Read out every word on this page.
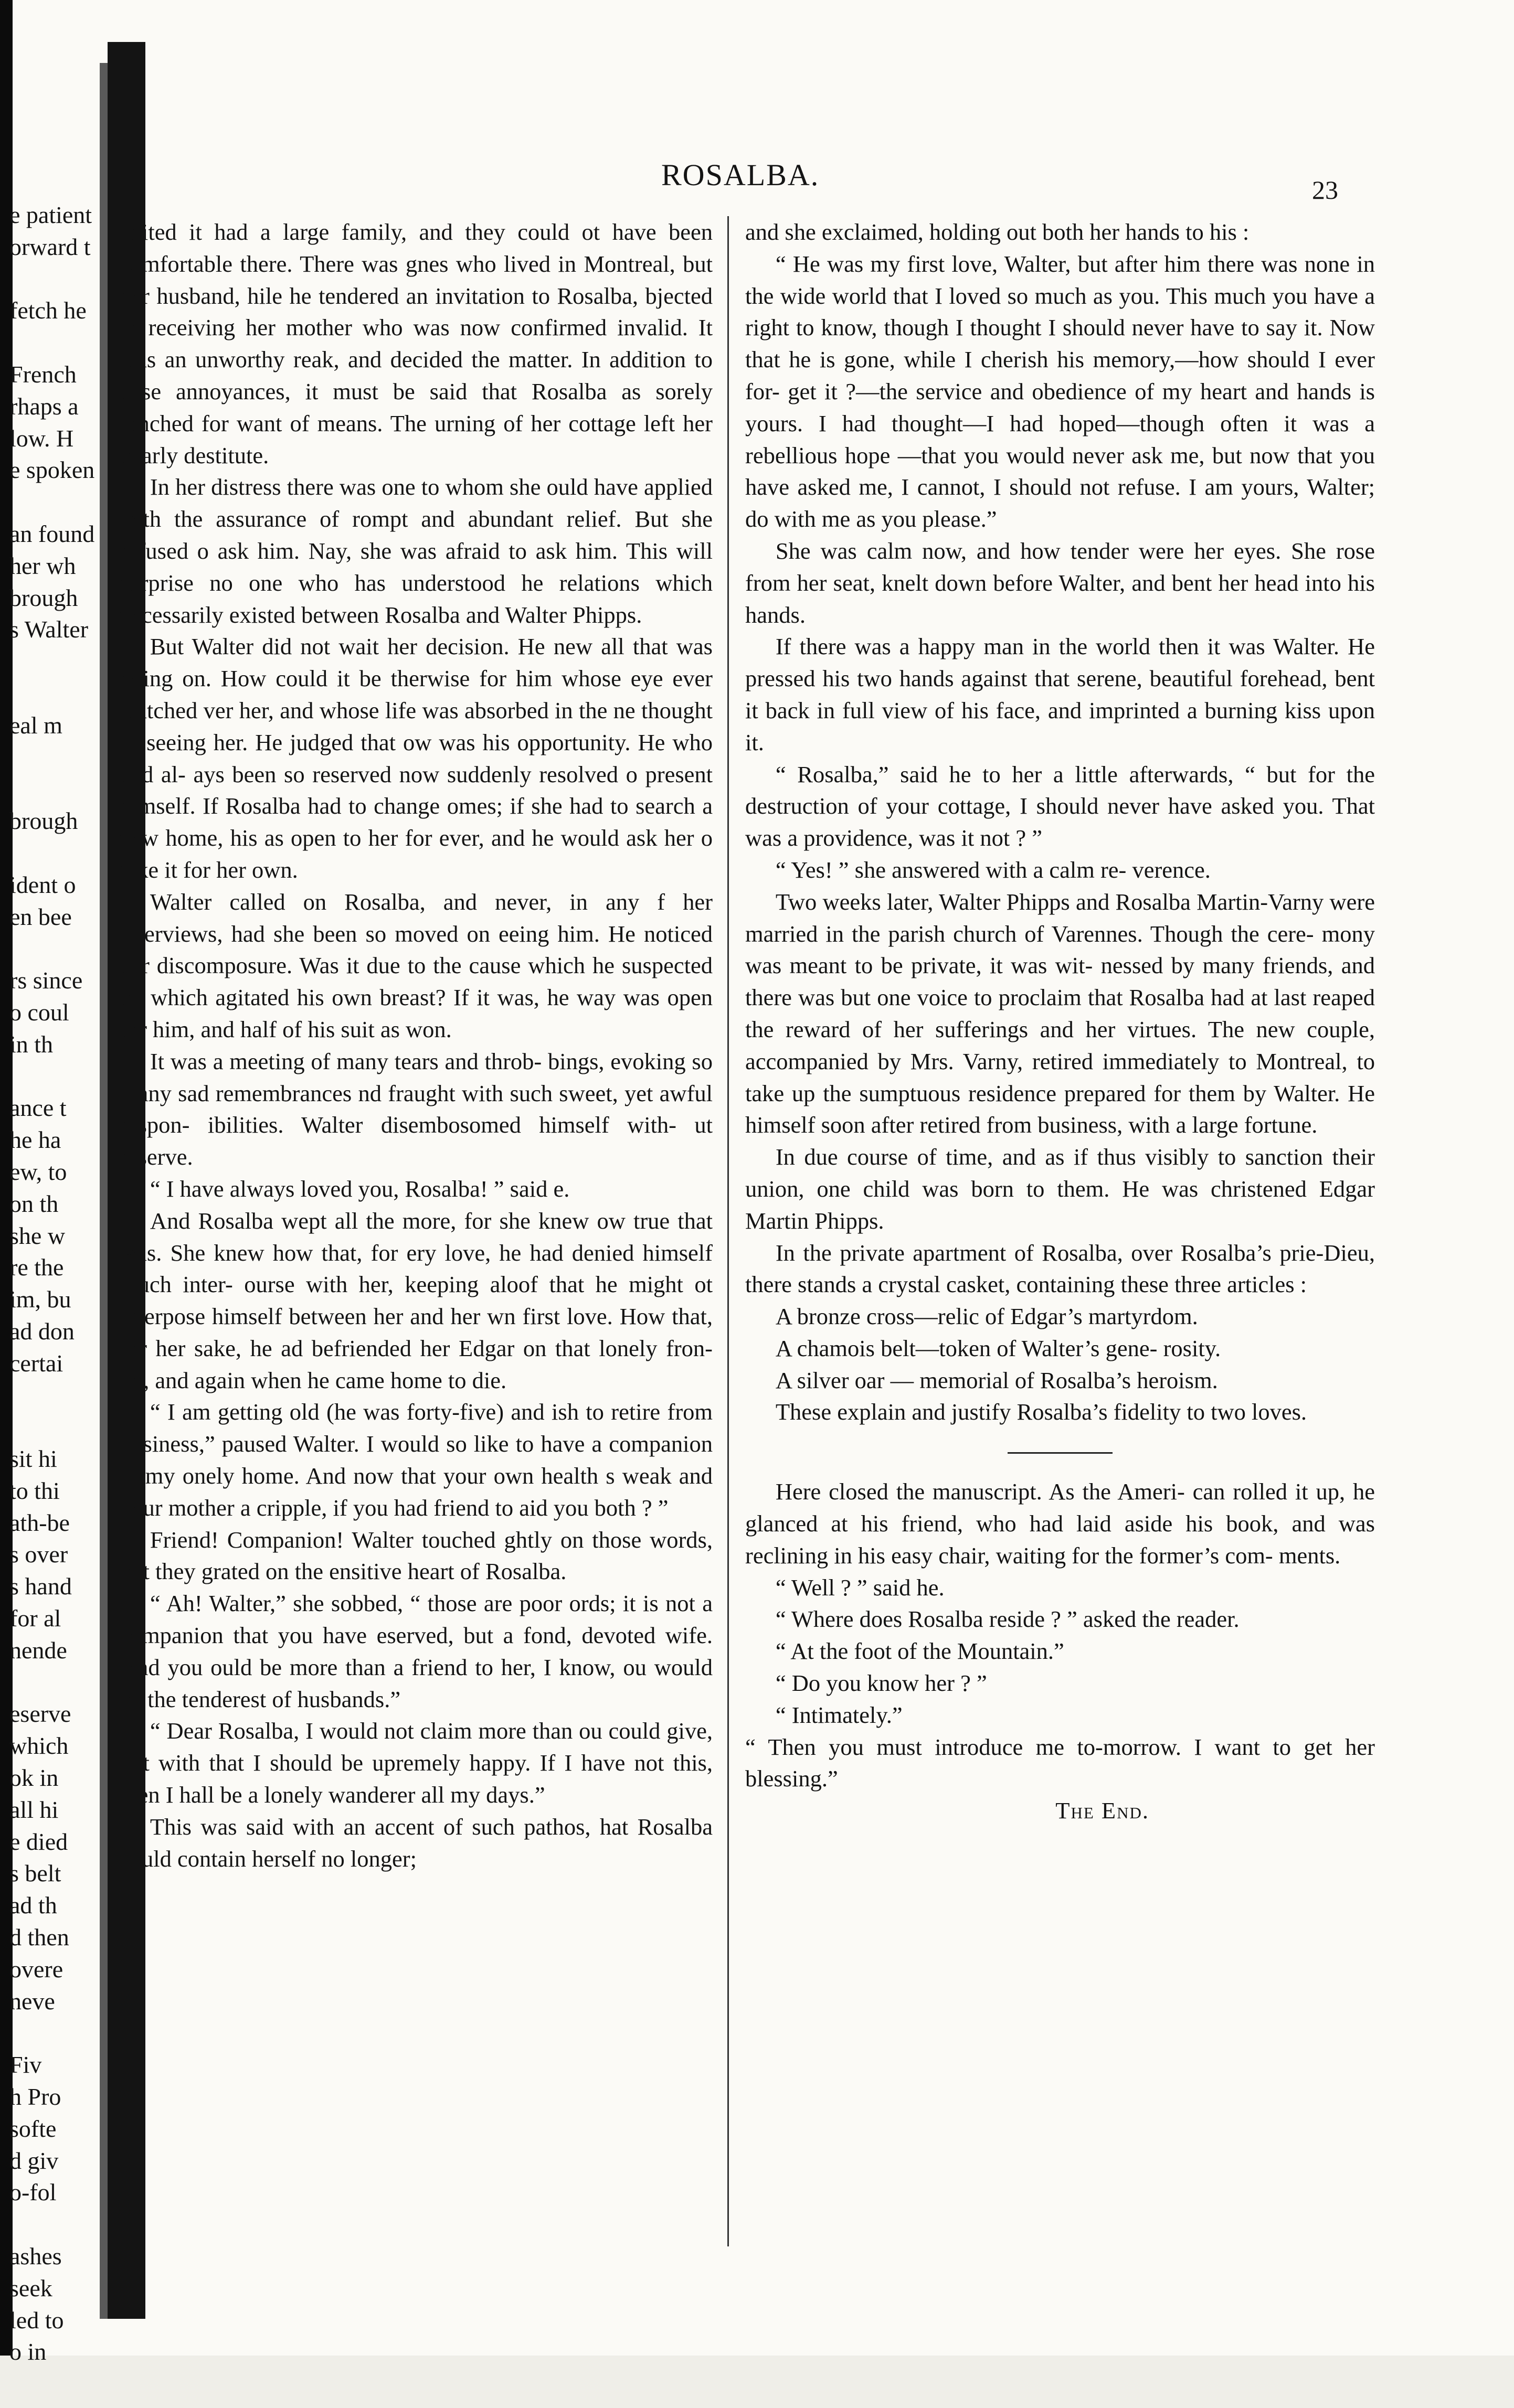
e patient
orward t
fetch he
French
rhaps a
low. H
e spoken
an found
her wh
brough
s Walter
eal m
brough
ident o
en bee
rs since
o coul
in th
ance t
he ha
ew, to
on th
she w
re the
im, bu
ad don
certai
sit hi
to thi
ath-be
s over
s hand
for al
nende
eserve
which
ok in
all hi
e died
s belt
ad th
d then
overe
neve
Fiv
h Pro
softe
d giv
o-fol
ashes
seek
led to
o in
ROSALBA.	23

abited it had a large family, and they could ot have been comfortable there. There was gnes who lived in Montreal, but her husband, hile he tendered an invitation to Rosalba, bjected to receiving her mother who was now confirmed invalid. It was an unworthy reak, and decided the matter. In addition to hese annoyances, it must be said that Rosalba as sorely pinched for want of means. The urning of her cottage left her nearly destitute.

In her distress there was one to whom she ould have applied with the assurance of rompt and abundant relief. But she refused o ask him. Nay, she was afraid to ask him. This will surprise no one who has understood he relations which necessarily existed between Rosalba and Walter Phipps.

But Walter did not wait her decision. He new all that was going on. How could it be therwise for him whose eye ever watched ver her, and whose life was absorbed in the ne thought of seeing her. He judged that ow was his opportunity. He who had al- ays been so reserved now suddenly resolved o present himself. If Rosalba had to change omes; if she had to search a new home, his as open to her for ever, and he would ask her o take it for her own.

Walter called on Rosalba, and never, in any f her interviews, had she been so moved on eeing him. He noticed her discomposure. Was it due to the cause which he suspected nd which agitated his own breast? If it was, he way was open for him, and half of his suit as won.

It was a meeting of many tears and throb- bings, evoking so many sad remembrances nd fraught with such sweet, yet awful respon- ibilities. Walter disembosomed himself with- ut reserve.

“ I have always loved you, Rosalba! ” said e.

And Rosalba wept all the more, for she knew ow true that was. She knew how that, for ery love, he had denied himself much inter- ourse with her, keeping aloof that he might ot interpose himself between her and her wn first love. How that, for her sake, he ad befriended her Edgar on that lonely fron- ier, and again when he came home to die.

“ I am getting old (he was forty-five) and ish to retire from business,” paused Walter. I would so like to have a companion in my onely home. And now that your own health s weak and your mother a cripple, if you had friend to aid you both ? ”

Friend! Companion! Walter touched ghtly on those words, but they grated on the ensitive heart of Rosalba.

“ Ah! Walter,” she sobbed, “ those are poor ords; it is not a companion that you have eserved, but a fond, devoted wife. And you ould be more than a friend to her, I know, ou would be the tenderest of husbands.”

“ Dear Rosalba, I would not claim more than ou could give, but with that I should be upremely happy. If I have not this, then I hall be a lonely wanderer all my days.”

This was said with an accent of such pathos, hat Rosalba could contain herself no longer;

and she exclaimed, holding out both her hands to his :

“ He was my first love, Walter, but after him there was none in the wide world that I loved so much as you. This much you have a right to know, though I thought I should never have to say it. Now that he is gone, while I cherish his memory,—how should I ever for- get it ?—the service and obedience of my heart and hands is yours. I had thought—I had hoped—though often it was a rebellious hope —that you would never ask me, but now that you have asked me, I cannot, I should not refuse. I am yours, Walter; do with me as you please.”

She was calm now, and how tender were her eyes. She rose from her seat, knelt down before Walter, and bent her head into his hands.

If there was a happy man in the world then it was Walter. He pressed his two hands against that serene, beautiful forehead, bent it back in full view of his face, and imprinted a burning kiss upon it.

“ Rosalba,” said he to her a little afterwards, “ but for the destruction of your cottage, I should never have asked you. That was a providence, was it not ? ”

“ Yes! ” she answered with a calm re- verence.

Two weeks later, Walter Phipps and Rosalba Martin-Varny were married in the parish church of Varennes. Though the cere- mony was meant to be private, it was wit- nessed by many friends, and there was but one voice to proclaim that Rosalba had at last reaped the reward of her sufferings and her virtues. The new couple, accompanied by Mrs. Varny, retired immediately to Montreal, to take up the sumptuous residence prepared for them by Walter. He himself soon after retired from business, with a large fortune.

In due course of time, and as if thus visibly to sanction their union, one child was born to them. He was christened Edgar Martin Phipps.

In the private apartment of Rosalba, over Rosalba’s prie-Dieu, there stands a crystal casket, containing these three articles :

A bronze cross—relic of Edgar’s martyrdom.

A chamois belt—token of Walter’s gene- rosity.

A silver oar — memorial of Rosalba’s heroism.

These explain and justify Rosalba’s fidelity to two loves.

Here closed the manuscript. As the Ameri- can rolled it up, he glanced at his friend, who had laid aside his book, and was reclining in his easy chair, waiting for the former’s com- ments.

“ Well ? ” said he.

“ Where does Rosalba reside ? ” asked the reader.

“ At the foot of the Mountain.”

“ Do you know her ? ”

“ Intimately.”

“ Then you must introduce me to-morrow. I want to get her blessing.”

The End.
